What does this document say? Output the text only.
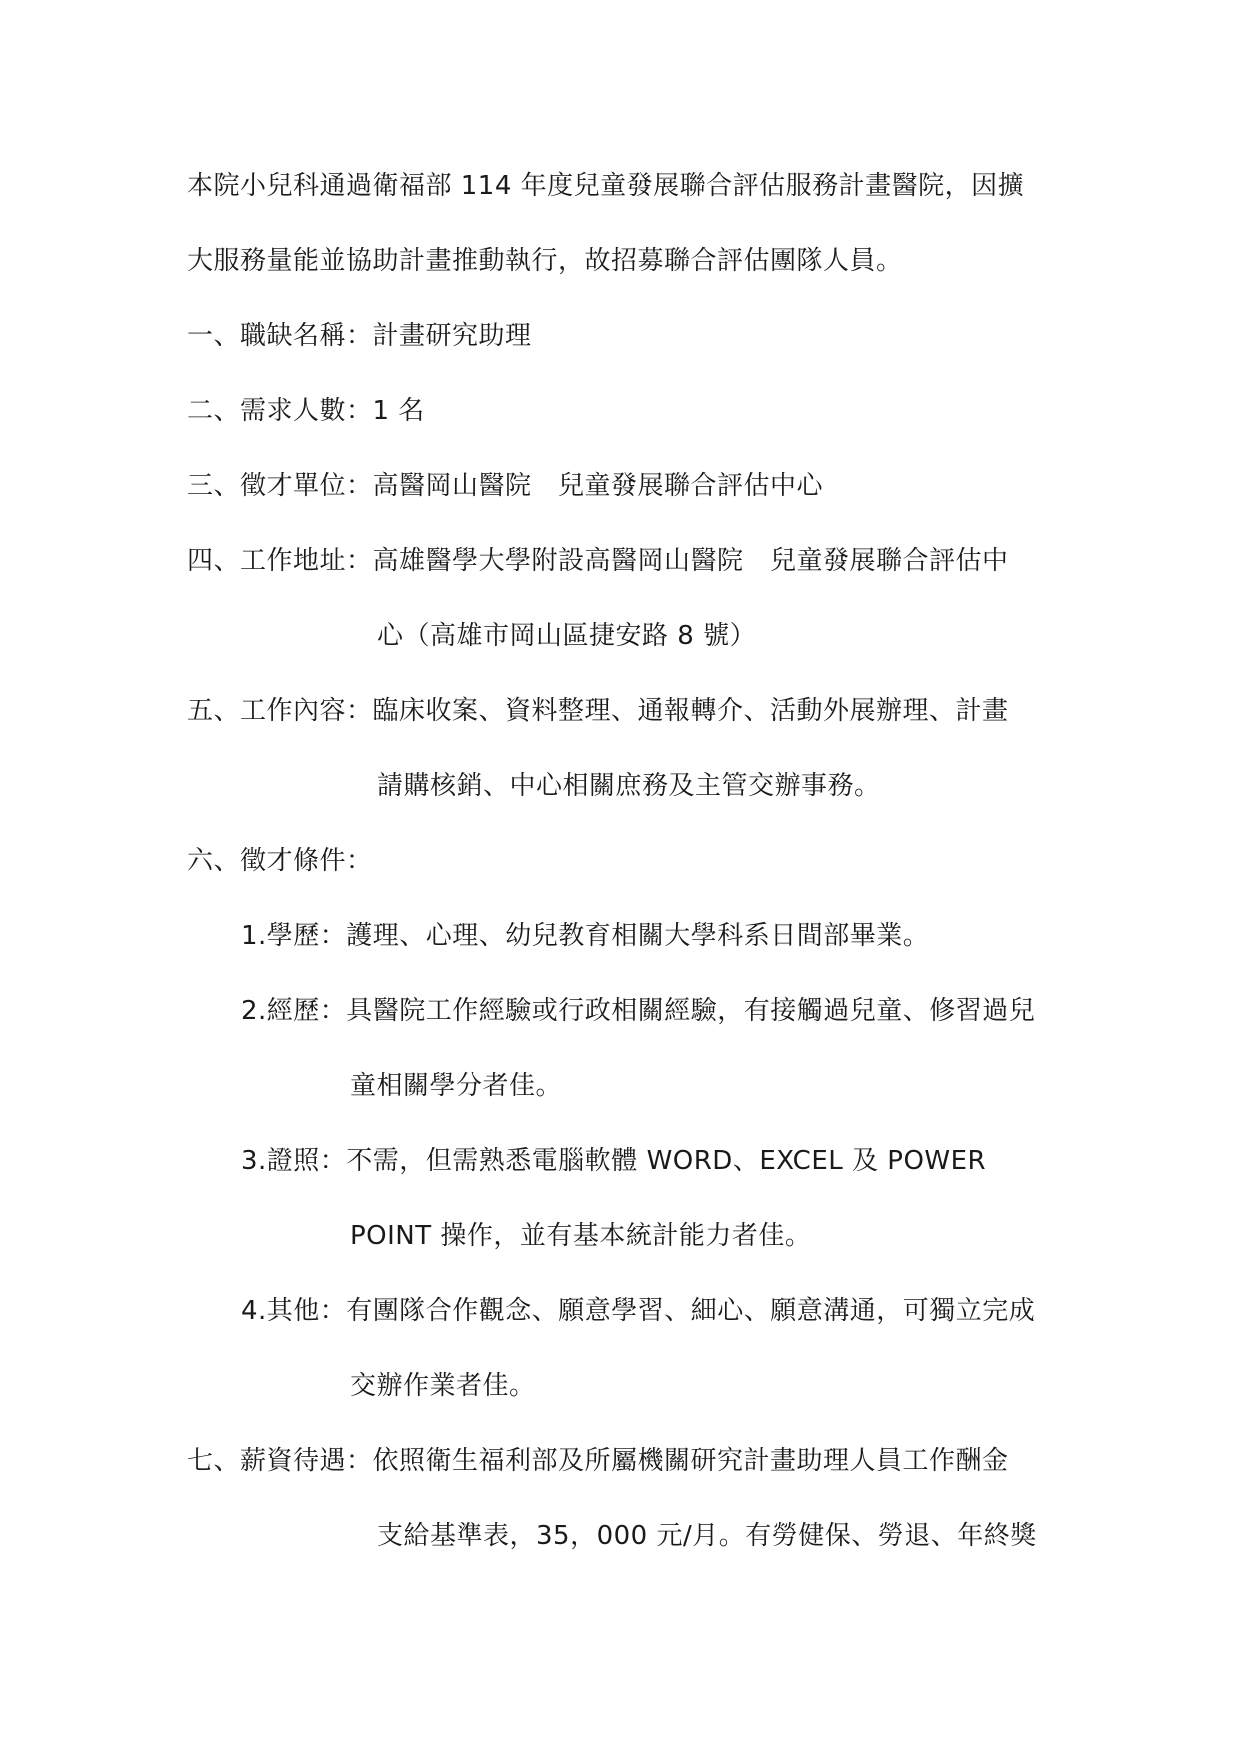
本院小兒科通過衛福部 114 年度兒童發展聯合評估服務計畫醫院，因擴
大服務量能並協助計畫推動執行，故招募聯合評估團隊人員。
一、職缺名稱：計畫研究助理
二、需求人數：1 名
三、徵才單位：高醫岡山醫院　兒童發展聯合評估中心
四、工作地址：高雄醫學大學附設高醫岡山醫院　兒童發展聯合評估中
心（高雄市岡山區捷安路 8 號）
五、工作內容：臨床收案、資料整理、通報轉介、活動外展辦理、計畫
請購核銷、中心相關庶務及主管交辦事務。
六、徵才條件：
1.學歷：護理、心理、幼兒教育相關大學科系日間部畢業。
2.經歷：具醫院工作經驗或行政相關經驗，有接觸過兒童、修習過兒
童相關學分者佳。
3.證照：不需，但需熟悉電腦軟體 WORD、EXCEL 及 POWER
POINT 操作，並有基本統計能力者佳。
4.其他：有團隊合作觀念、願意學習、細心、願意溝通，可獨立完成
交辦作業者佳。
七、薪資待遇：依照衛生福利部及所屬機關研究計畫助理人員工作酬金
支給基準表，35，000 元/月。有勞健保、勞退、年終獎
